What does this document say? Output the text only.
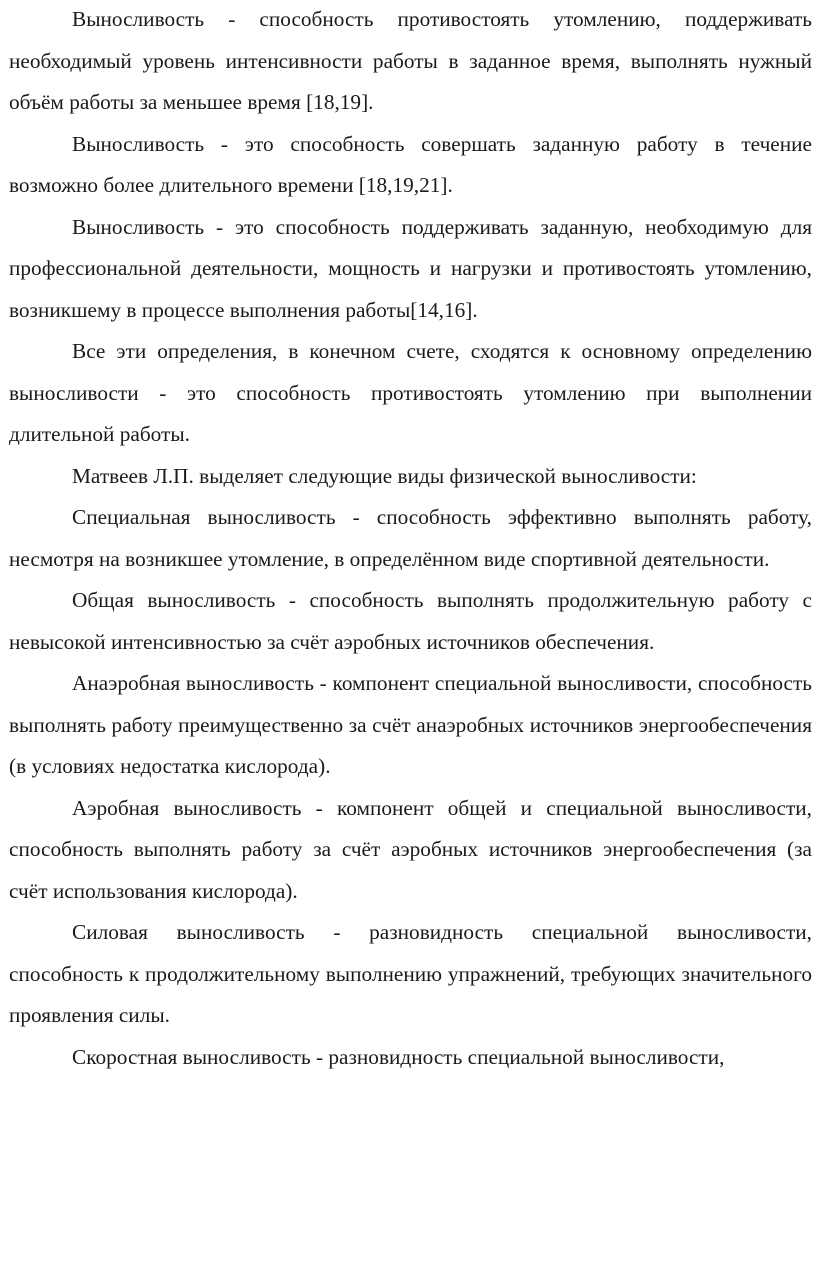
Выносливость - способность противостоять утомлению, поддерживать необходимый уровень интенсивности работы в заданное время, выполнять нужный объём работы за меньшее время [18,19].

Выносливость - это способность совершать заданную работу в течение возможно более длительного времени [18,19,21].

Выносливость - это способность поддерживать заданную, необходимую для профессиональной деятельности, мощность и нагрузки и противостоять утомлению, возникшему в процессе выполнения работы[14,16].

Все эти определения, в конечном счете, сходятся к основному определению выносливости - это способность противостоять утомлению при выполнении длительной работы.

Матвеев Л.П. выделяет следующие виды физической выносливости:

Специальная выносливость - способность эффективно выполнять работу, несмотря на возникшее утомление, в определённом виде спортивной деятельности.

Общая выносливость - способность выполнять продолжительную работу с невысокой интенсивностью за счёт аэробных источников обеспечения.

Анаэробная выносливость - компонент специальной выносливости, способность выполнять работу преимущественно за счёт анаэробных источников энергообеспечения (в условиях недостатка кислорода).

Аэробная выносливость - компонент общей и специальной выносливости, способность выполнять работу за счёт аэробных источников энергообеспечения (за счёт использования кислорода).

Силовая выносливость - разновидность специальной выносливости, способность к продолжительному выполнению упражнений, требующих значительного проявления силы.

Скоростная выносливость - разновидность специальной выносливости,
